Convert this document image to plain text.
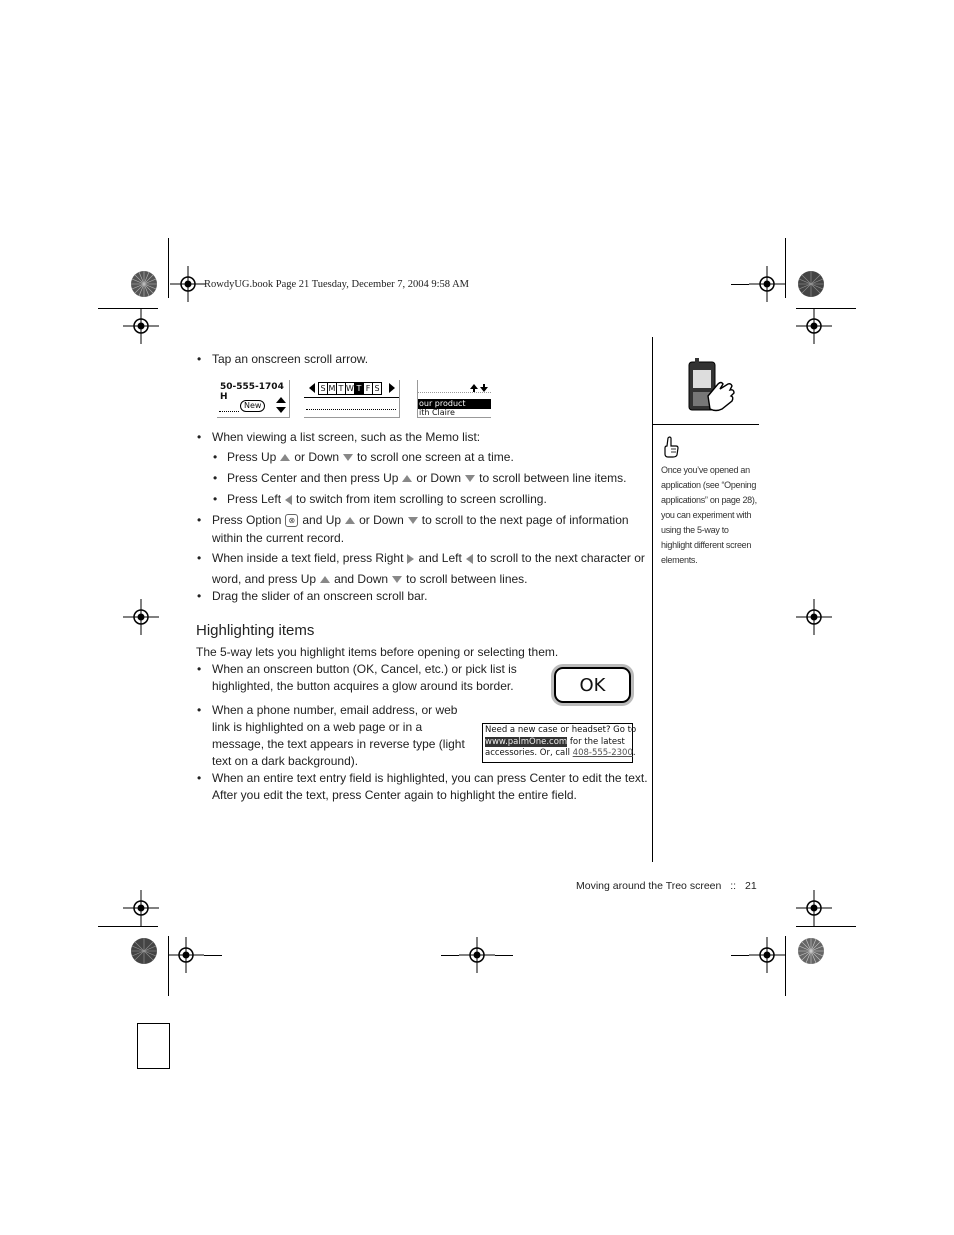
RowdyUG.book Page 21 Tuesday, December 7, 2004 9:58 AM
Once you’ve opened an
application (see “Opening
applications” on page 28),
you can experiment with
using the 5-way to
highlight different screen
elements.
• Tap an onscreen scroll arrow.
50-555-1704 H
New
S M T W T F S
our product
ith Claire
• When viewing a list screen, such as the Memo list:
• Press Up or Down to scroll one screen at a time.
• Press Center and then press Up or Down to scroll between line items.
• Press Left to switch from item scrolling to screen scrolling.
• Press Option ⊗ and Up or Down to scroll to the next page of information
within the current record.
• When inside a text field, press Right and Left to scroll to the next character or
word, and press Up and Down to scroll between lines.
• Drag the slider of an onscreen scroll bar.
Highlighting items
The 5-way lets you highlight items before opening or selecting them.
• When an onscreen button (OK, Cancel, etc.) or pick list is
highlighted, the button acquires a glow around its border.	OK
• When a phone number, email address, or web
link is highlighted on a web page or in a
message, the text appears in reverse type (light
text on a dark background).
Need a new case or headset? Go to
www.palmOne.com for the latest
accessories. Or, call 408-555-2300.
• When an entire text entry field is highlighted, you can press Center to edit the text.
After you edit the text, press Center again to highlight the entire field.
Moving around the Treo screen :: 21
